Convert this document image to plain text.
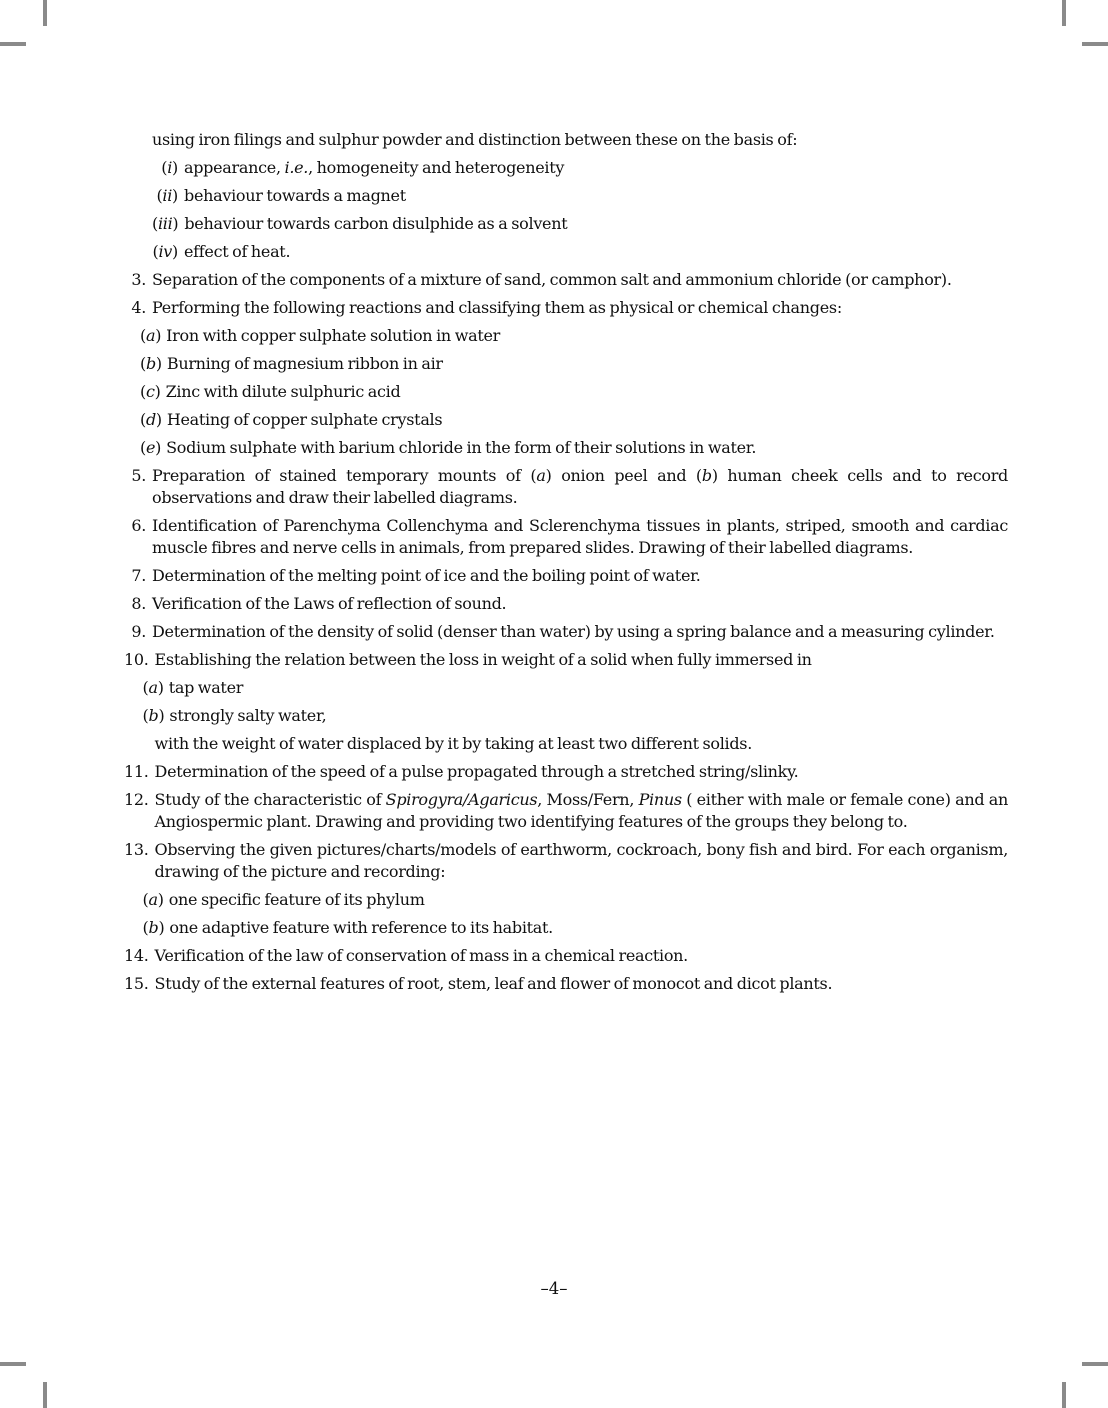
using iron filings and sulphur powder and distinction between these on the basis of:

(i) appearance, i.e., homogeneity and heterogeneity
(ii) behaviour towards a magnet
(iii) behaviour towards carbon disulphide as a solvent
(iv) effect of heat.
3. Separation of the components of a mixture of sand, common salt and ammonium chloride (or camphor).

4. Performing the following reactions and classifying them as physical or chemical changes:

(a) Iron with copper sulphate solution in water
(b) Burning of magnesium ribbon in air
(c) Zinc with dilute sulphuric acid
(d) Heating of copper sulphate crystals
(e) Sodium sulphate with barium chloride in the form of their solutions in water.
5. Preparation of stained temporary mounts of (a) onion peel and (b) human cheek cells and to record observations and draw their labelled diagrams.

6. Identification of Parenchyma Collenchyma and Sclerenchyma tissues in plants, striped, smooth and cardiac muscle fibres and nerve cells in animals, from prepared slides. Drawing of their labelled diagrams.

7. Determination of the melting point of ice and the boiling point of water.

8. Verification of the Laws of reflection of sound.

9. Determination of the density of solid (denser than water) by using a spring balance and a measuring cylinder.

10. Establishing the relation between the loss in weight of a solid when fully immersed in

(a) tap water
(b) strongly salty water,

with the weight of water displaced by it by taking at least two different solids.

11. Determination of the speed of a pulse propagated through a stretched string/slinky.

12. Study of the characteristic of Spirogyra/Agaricus, Moss/Fern, Pinus ( either with male or female cone) and an Angiospermic plant. Drawing and providing two identifying features of the groups they belong to.

13. Observing the given pictures/charts/models of earthworm, cockroach, bony fish and bird. For each organism, drawing of the picture and recording:

(a) one specific feature of its phylum
(b) one adaptive feature with reference to its habitat.
14. Verification of the law of conservation of mass in a chemical reaction.

15. Study of the external features of root, stem, leaf and flower of monocot and dicot plants.

–4–
